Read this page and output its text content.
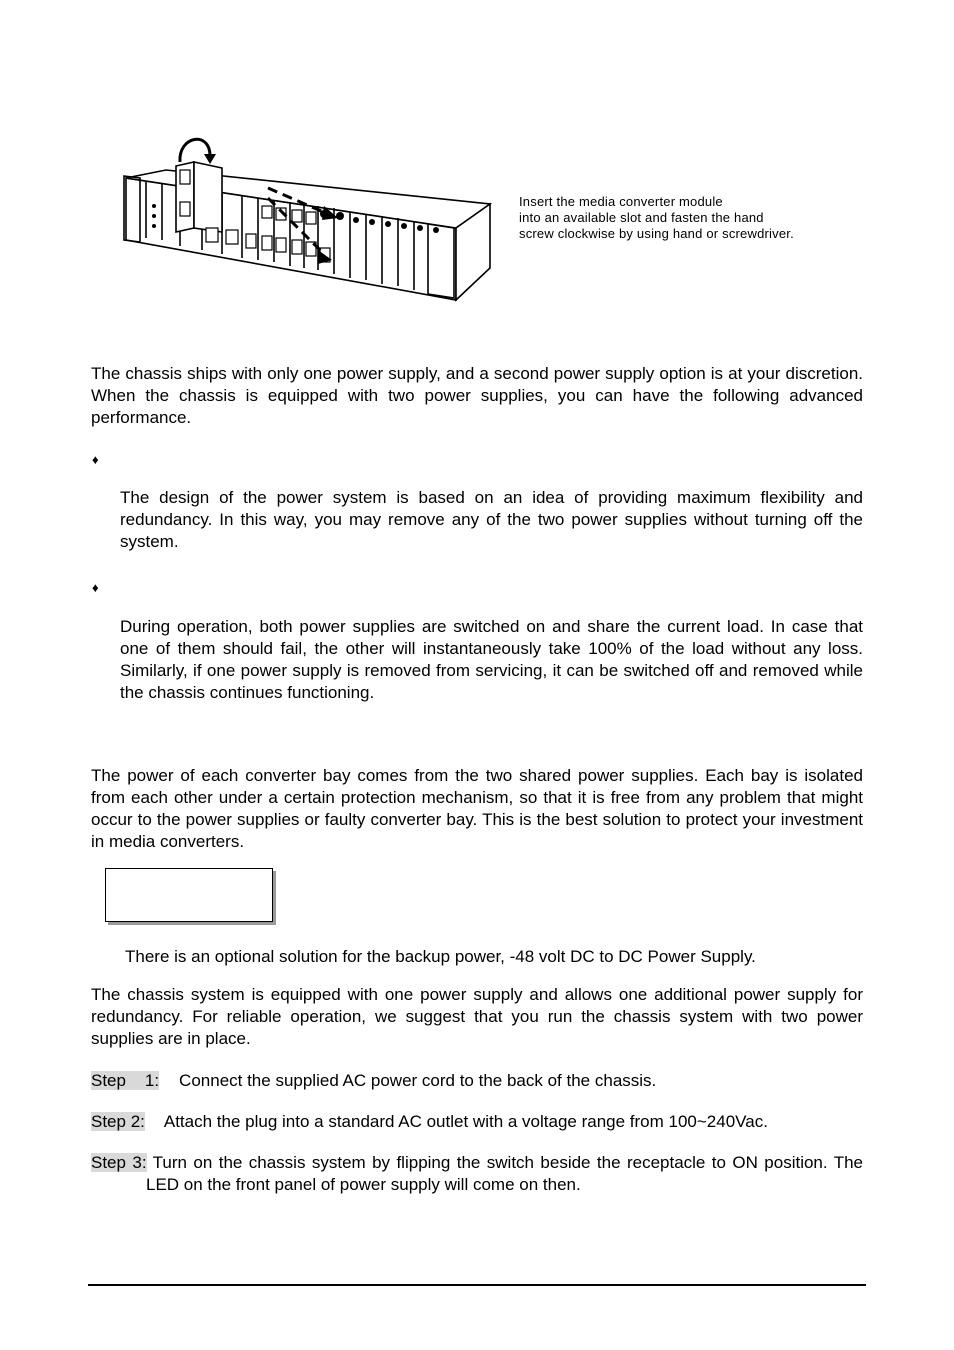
Insert the media converter module
into an available slot and fasten the hand
screw clockwise by using hand or screwdriver.

The chassis ships with only one power supply, and a second power supply option is at your discretion. When the chassis is equipped with two power supplies, you can have the following advanced performance.

♦

The design of the power system is based on an idea of providing maximum flexibility and redundancy. In this way, you may remove any of the two power supplies without turning off the system.

♦

During operation, both power supplies are switched on and share the current load. In case that one of them should fail, the other will instantaneously take 100% of the load without any loss. Similarly, if one power supply is removed from servicing, it can be switched off and removed while the chassis continues functioning.

The power of each converter bay comes from the two shared power supplies. Each bay is isolated from each other under a certain protection mechanism, so that it is free from any problem that might occur to the power supplies or faulty converter bay. This is the best solution to protect your investment in media converters.

There is an optional solution for the backup power, -48 volt DC to DC Power Supply.

The chassis system is equipped with one power supply and allows one additional power supply for redundancy. For reliable operation, we suggest that you run the chassis system with two power supplies are in place.

Step    1: Connect the supplied AC power cord to the back of the chassis.

Step 2: Attach the plug into a standard AC outlet with a voltage range from 100~240Vac.

Step 3: Turn on the chassis system by flipping the switch beside the receptacle to ON position. The LED on the front panel of power supply will come on then.
